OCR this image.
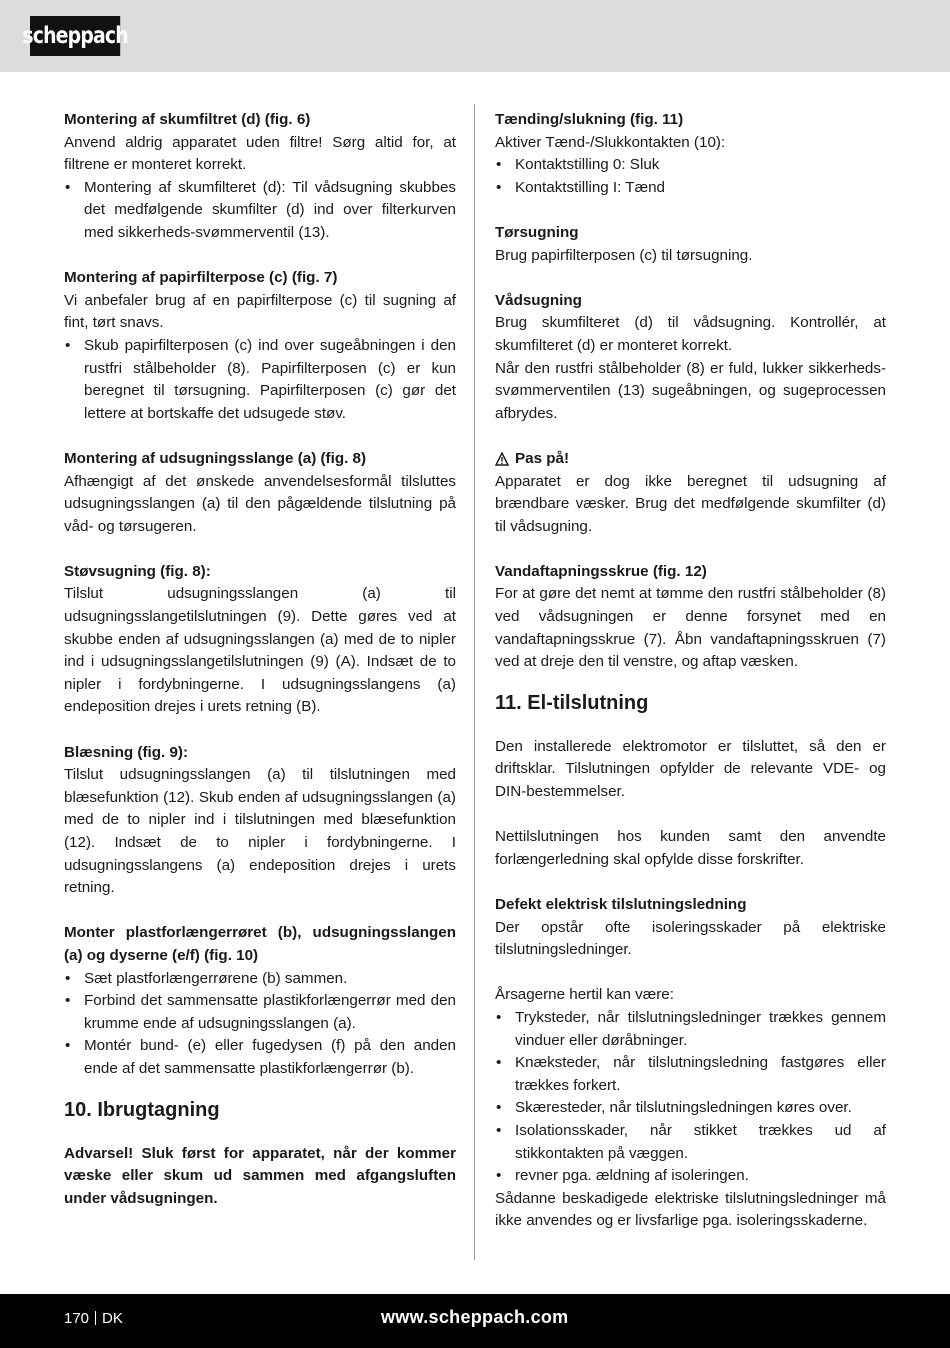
scheppach

Montering af skumfiltret (d) (fig. 6)

Anvend aldrig apparatet uden filtre! Sørg altid for, at filtrene er monteret korrekt.

• Montering af skumfilteret (d): Til vådsugning skubbes det medfølgende skumfilter (d) ind over filterkurven med sikkerheds-svømmerventil (13).

Montering af papirfilterpose (c) (fig. 7)

Vi anbefaler brug af en papirfilterpose (c) til sugning af fint, tørt snavs.

• Skub papirfilterposen (c) ind over sugeåbningen i den rustfri stålbeholder (8). Papirfilterposen (c) er kun beregnet til tørsugning. Papirfilterposen (c) gør det lettere at bortskaffe det udsugede støv.

Montering af udsugningsslange (a) (fig. 8)

Afhængigt af det ønskede anvendelsesformål tilsluttes udsugningsslangen (a) til den pågældende tilslutning på våd- og tørsugeren.

Støvsugning (fig. 8):

Tilslut udsugningsslangen (a) til udsugningsslangetilslutningen (9). Dette gøres ved at skubbe enden af udsugningsslangen (a) med de to nipler ind i udsugningsslangetilslutningen (9) (A). Indsæt de to nipler i fordybningerne. I udsugningsslangens (a) endeposition drejes i urets retning (B).

Blæsning (fig. 9):

Tilslut udsugningsslangen (a) til tilslutningen med blæsefunktion (12). Skub enden af udsugningsslangen (a) med de to nipler ind i tilslutningen med blæsefunktion (12). Indsæt de to nipler i fordybningerne. I udsugningsslangens (a) endeposition drejes i urets retning.

Monter plastforlængerrøret (b), udsugningsslangen (a) og dyserne (e/f) (fig. 10)

• Sæt plastforlængerrørene (b) sammen.
• Forbind det sammensatte plastikforlængerrør med den krumme ende af udsugningsslangen (a).
• Montér bund- (e) eller fugedysen (f) på den anden ende af det sammensatte plastikforlængerrør (b).

10. Ibrugtagning

Advarsel! Sluk først for apparatet, når der kommer væske eller skum ud sammen med afgangsluften under vådsugningen.

Tænding/slukning (fig. 11)

Aktiver Tænd-/Slukkontakten (10):

• Kontaktstilling 0: Sluk
• Kontaktstilling I: Tænd

Tørsugning

Brug papirfilterposen (c) til tørsugning.

Vådsugning

Brug skumfilteret (d) til vådsugning. Kontrollér, at skumfilteret (d) er monteret korrekt.

Når den rustfri stålbeholder (8) er fuld, lukker sikkerheds-svømmerventilen (13) sugeåbningen, og sugeprocessen afbrydes.

Pas på!

Apparatet er dog ikke beregnet til udsugning af brændbare væsker. Brug det medfølgende skumfilter (d) til vådsugning.

Vandaftapningsskrue (fig. 12)

For at gøre det nemt at tømme den rustfri stålbeholder (8) ved vådsugningen er denne forsynet med en vandaftapningsskrue (7). Åbn vandaftapningsskruen (7) ved at dreje den til venstre, og aftap væsken.

11. El-tilslutning

Den installerede elektromotor er tilsluttet, så den er driftsklar. Tilslutningen opfylder de relevante VDE- og DIN-bestemmelser.

Nettilslutningen hos kunden samt den anvendte forlængerledning skal opfylde disse forskrifter.

Defekt elektrisk tilslutningsledning

Der opstår ofte isoleringsskader på elektriske tilslutningsledninger.

Årsagerne hertil kan være:

• Tryksteder, når tilslutningsledninger trækkes gennem vinduer eller døråbninger.
• Knæksteder, når tilslutningsledning fastgøres eller trækkes forkert.
• Skæresteder, når tilslutningsledningen køres over.
• Isolationsskader, når stikket trækkes ud af stikkontakten på væggen.
• revner pga. ældning af isoleringen.

Sådanne beskadigede elektriske tilslutningsledninger må ikke anvendes og er livsfarlige pga. isoleringsskaderne.

170 DK	www.scheppach.com
